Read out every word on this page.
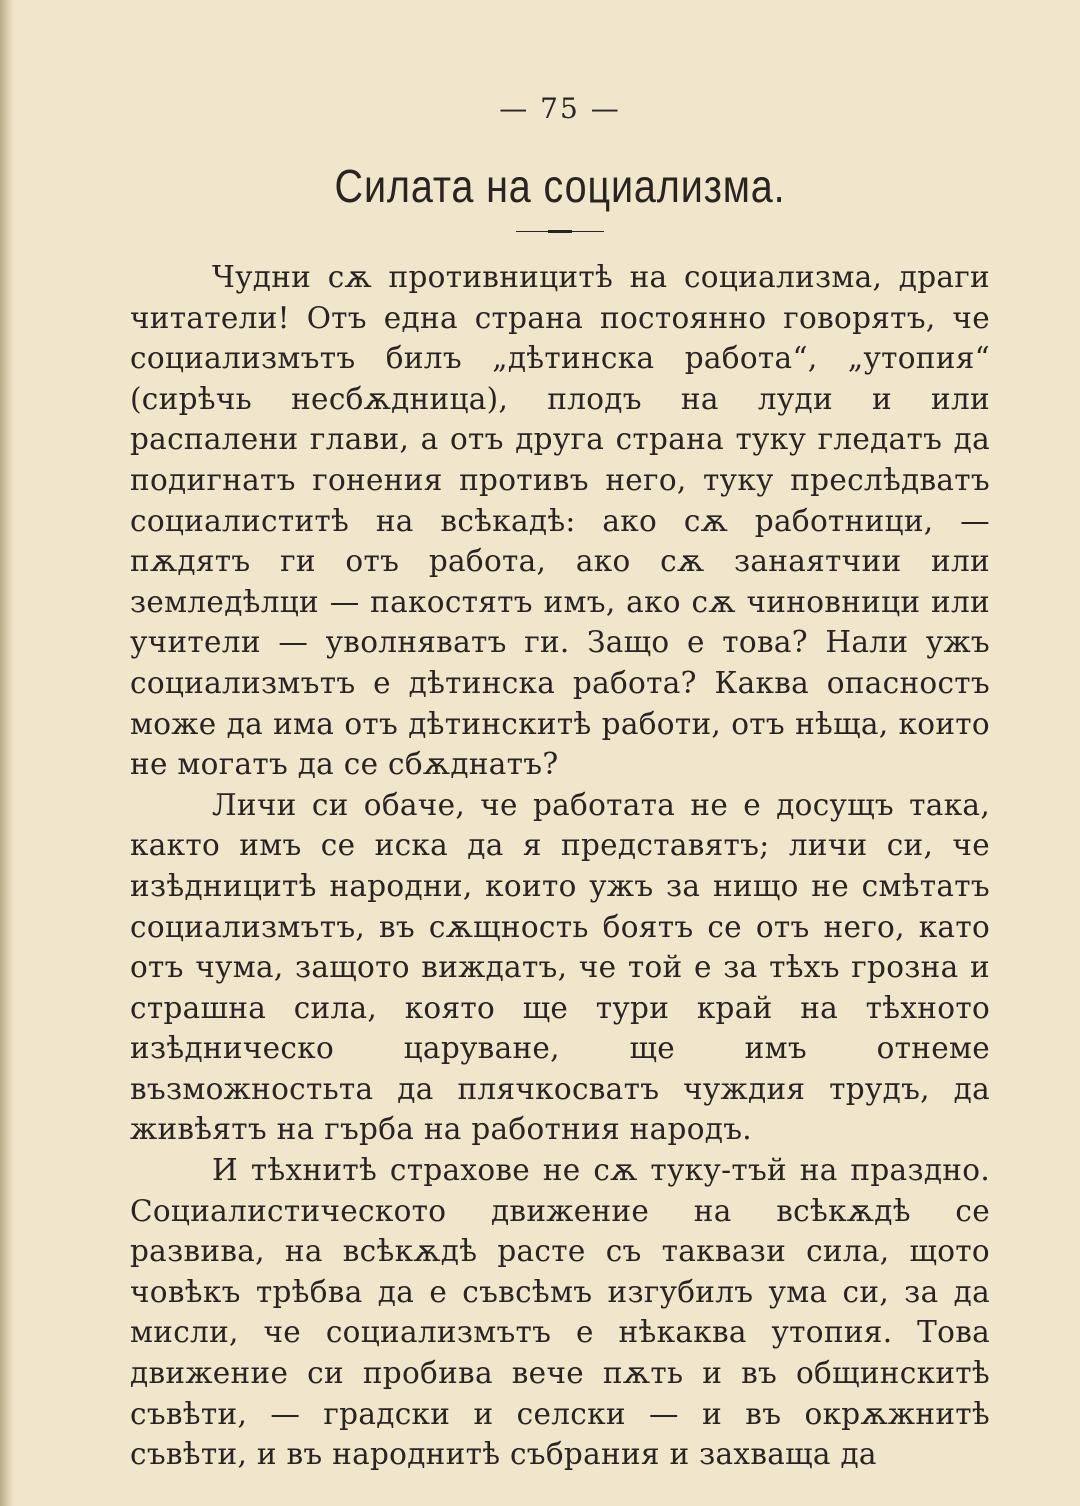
— 75 —
Силата на социализма.

Чудни сѫ противницитѣ на социализма, драги читатели! Отъ една страна постоянно говорятъ, че социализмътъ билъ „дѣтинска работа“, „утопия“ (сирѣчь несбѫдница), плодъ на луди и или распалени глави, а отъ друга страна туку гледатъ да подигнатъ гонения противъ него, туку преслѣдватъ социалиститѣ на всѣкадѣ: ако сѫ работници, — пѫдятъ ги отъ работа, ако сѫ занаятчии или земледѣлци — пакостятъ имъ, ако сѫ чиновници или учители — уволняватъ ги. Защо е това? Нали ужъ социализмътъ е дѣтинска работа? Каква опасностъ може да има отъ дѣтинскитѣ работи, отъ нѣща, които не могатъ да се сбѫднатъ?

Личи си обаче, че работата не е досущъ така, както имъ се иска да я представятъ; личи си, че изѣдницитѣ народни, които ужъ за нищо не смѣтатъ социализмътъ, въ сѫщность боятъ се отъ него, като отъ чума, защото виждатъ, че той е за тѣхъ грозна и страшна сила, която ще тури край на тѣхното изѣдническо царуване, ще имъ отнеме възможностьта да плячкосватъ чуждия трудъ, да живѣятъ на гърба на работния народъ.

И тѣхнитѣ страхове не сѫ туку-тъй на праздно. Социалистическото движение на всѣкѫдѣ се развива, на всѣкѫдѣ расте съ таквази сила, щото човѣкъ трѣбва да е съвсѣмъ изгубилъ ума си, за да мисли, че социализмътъ е нѣкаква утопия. Това движение си пробива вече пѫть и въ общинскитѣ съвѣти, — градски и селски — и въ окрѫжнитѣ съвѣти, и въ народнитѣ събрания и захваща да
